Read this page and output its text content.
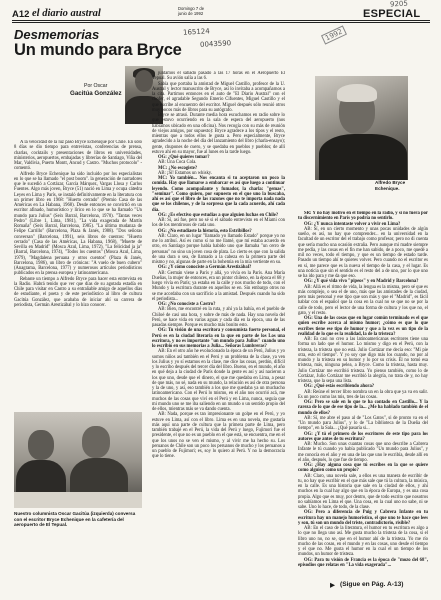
A12 el diario austral	Domingo 7 de
junio de 1992	ESPECIAL
9205
165124
0043590
1992
Desmemorias
Un mundo para Bryce
Por Oscar
Gacitúa González
Alfredo Bryce Echenique.
Nuestro columnista Oscar Gacitúa (izquierda) conversa con el escritor Bryce Echenique en la cafetería del aeropuerto de El Tepual.

A la velocidad de la luz pasó Bryce Echenique por Chile. En sólo 8 días se dio tiempo para entrevistas, conferencias de prensa, charlas, cocktails y presentaciones de libros en universidades, ministerios, aeropuertos, embajadas y librerías de Santiago, Viña del Mar, Valdivia, Puerto Montt, Ancud y Castro. "Muchos protocolo" -comentó.

Alfredo Bryce Echenique ha sido incluido por los especialistas en lo que se ha llamado "el post boom". la generación de narradores que le sucedió a Cortázar, García Márquez, Vargas Llosa y Carlos Fuentes. Algo más joven, Bryce (51) nació en Lima y ocupa cátedra Leyes en Lima y París, se instaló definitivamente en la literatura con un primer libro en 1968: "Huerto cerrado" (Premio Casa de las Américas en La Habana, 1968). Desde entonces se convirtió en un escritor afinado, humorístico y lírico en lo que se ha llamado "Un mundo para Julius" (Seix Barral, Barcelona, 1970). "Tantas veces Pedro" (Libre 1, Lima, 1981), "La vida exagerada de Martín Romaña" (Seix Barral, Barcelona, 1985). "La última mudanza de Felipe Carrillo" (Barcelona, Plaza & Janés, 1988). "Dos señoras conversan" (Barcelona, 1991), seis libros de cuentos: "Huerto cerrado" (Casa de las Américas, La Habana, 1968), "Muerte de Sevilla en Madrid" (Mosca Azul, Lima, 1972), "La felicidad ja ja" (Barral, Barcelona, 1974), "Todos los cuentos" (Mosca Azul, Lima, 1979), "Magdalena peruana y otros cuentos" (Plaza & Janés, Barcelona, 1986), un libro de crónicas: "A vuelo de buen cubero" (Anagrama, Barcelona, 1977) y numerosos artículos periodísticos publicados en la prensa europea y latinoamericana.

Rebaste un tiempo a Alfredo Bryce para hacer esta entrevista en la Radio. Habrá tenido que ver que días de su agotada estadía en Chile para visitar en Castro a su entrañable amigo de aquellos días de estudiante, el poeta y de este periodístico al libro de cultura Gacitúa González, que acababa de iniciar ahí su carrera de periodista, Germán Arestizábal y lo hizo conocer.

juntamos el sábado pasado a las 17 horas en el Aeropuerto El Tepual. Su avión salía a las 6.

Sabía que portaba la amistad de Miguel Castillo, profesor de la U. Austral y lector manuscrito de Bryce, así lo invitaba a acompañarnos a la cita. Partimos entonces en el auto de "El Diario Austral" con el chofer, el agradable Segundo Emerio Cifuentes, Miguel Castillo y el que escribe al encuentro del escritor. Miguel después sólo reunió otros muy pocos más de libros para su autógrafo.

Bryce se atrasó. Durante media hora escuchamos en radio sobre lo que estuvo ocurriendo en la sala de espera del aeropuerto (nos habíamos ubicado en una oficina). Nos recogía con su más de reunión de viejos amigos, por supuesto): Bryce agradece a los tipos y el resto, mientras que a todos ellos le gusta a. Pero especialmente, Bryce agradecido a la noche del día del lanzamiento del libro (charla-ensayo); gente, chupones de cuero, y se quedaba en pueblos y pueblos; de allí estuvo ahí en su mayor, fue al lunes en la tarde luego.

OG: ¿Qué quieres tomar?

AB: Una Coca Cola.

MC: ¿No escogiste?

AB: ¡Sí! Estamos un whisky.

MC: Yo también... Nos encanta si tu aceptaron un poco la comida. Hay que llamarse a embarcar es así que luego a continuar leyendo. Como acompañante y fumador, la charla: "gemas", "seminar". Como quiero, por supuesto en el que uno la buscaba, ahí es así que el libro de las razones que no te importa nada nada que se los chilenos, y de la sorpresa que la cada acuerdo, ahí cada día.

OG: ¿Es efectivo que estudias a que alguien luchas en Chile?

AB: Sí, así fue, pero no sé si el sábado entrevisto en el Miami con los de los mentirosos de cada uno.

OG: ¿No estudiaste la historia, esto Estribillos?

AB: Claro, en un lugar "llamado yo llamado Estado" porque yo no me lo atribuí. Así es como sí no me llamé, que mí estaba acuerdo en otro, en Santiago porque había habido uno que llamaba "un cerro de personas" no sino un joven cosa de plata. Lo cierto es que con la salida de una dura o sea, de llamado a la cabeza en la primera parte del mismo y no, algunas de parte en la bohemia en la mía vertiente en su.

OG: ¿Y cómo conociste a Germán Arestizábal?

AB: Germán viene a París y allá, yo vivía en la París. Ana María Dueñas, la mujer de entonces, era un pintor chileno, en la época el 68 y luego vivía en París; ya estaba en la calle y nos mucho de todo, con el Mundo y la escritura durante en aquellos se en. Sin embargo otros no se me acordaba con un sacrificio a la amistad. Después cuando ha sido el periodista...

OG: ¿No conociste a Castro?

AB: Bien, me encontré en la ruta, y ahí ya la bahía, en el pueblo de Chiloé de casi una hora, y sobre de más de nada. Hay una novela del Perú, se hace vida en varias aguas y cada día en la época, una de las pasadas siempre. Porque es mucho más bonito esto.

OG: Tu visión de una escritora y consumista fuerte personal, el Perú es en la ciudad literaria en la que en parte de los Los una escritora, y no es importante "un mundo para Julius" cuando uno lo escribió en sus memorias a Julia... Señoras Lumbreras?

AB: En el otro año he evolucionado la época de un Perú, Julius y yo somos niños así también en el Perú y un problema de la clase, ya ven los Julius y yo sí estamos en la clase, me dice las cosas, perdón, difícil y lo escribo después del tercer día del libro. Bueno, en el mundo, el año en qué deja a la ciudad de París donde la gente es así y así nacieron a los que uno, desde que el dinero, el que me quedaba en Lima, a pesar de que más, no sé, nada en su mundo, la relación es así de otra persona y la de uno, y así, eso también a los que me quedaba ya un muchacho latinoamericano. Con el Perú lo mismo, en el año nos ocurrió acá, me muchos de las cosas que viví en el Perú y en Lima, nunca, seguía que mi mundo uno se me iba saliendo en un mundo o un sentido propio del de ellos, mientras más se va dando cuenta.

AB: Nada, porque es tan impresionante un golpe en el Perú, y yo estuve en Lima, así con el libro. Lima es en una novela, me gustaría más aquí una parte de cultura que la primera parte de Lima, pero también trabajé en el Perú, la vida del Perú y luego, Fujimori fue el presidente, el que no es un pueblo en el que está, se encuentra, me en el que los unos no se ven el mismo, y al vivir me ha hecho su. Los peruanos de Chile son un poco los peruanos de mucho y los peruanos a un pueblo de Fujimori; es, soy lo quiero al Perú. Y no la democracia que lo tiene.

SR: Y no hay motivo en el tiempo en la radio, y si no fuera por tu discernimiento en París yo podría no sentirlo.

OG: ¿Y nunca intentaste volver a vivir en Lima?

AB: Sí, en un cierto momento y unas pocas unidades de algún sueño, es así, no hay que comprender... en la universidad en la facultad de un escritor del el trabajo como profesor, pero no di cuenta que sería mucho una ocasión extraña. Pero aunque mi madre siempre me pedía, y las cosas en el fin me han sabido, de a poco, me quedé a mil no veces, todo el tiempo, y que es un tiempo de estado tarde. Pasado un tiempo ahí te quieres volver. Pero cuando no el escritor es en sí, me parece que es la nueva el tiempo de la casa, y el lugar. Es una noticia que sin el sentido es el resto del a de uno, por lo que uno se ha ido para y me da que eso.

OG: ¿Y qué vida vivo "pipeos" y en Madrid y Barcelona?

AB: Allá es el ritmo de vida, la lengua es la misma, pero sé que es más complejo, o sea el de uno, más que las amistades de la ciudad, pero más personal y ese tipo que son más y que el "Madrid", es fácil hablar con el español que la cosa en la cual no se que no se por la calle de todo, pero el lector de una forma de cultura y los que no, el gato, y el resto.

OG: Una de las cosas que en lugar común terminado es el que quien escribe acerca al mismo humor; ¿cómo es que lo que escribes tiene ese tipo de humor y que a la vez es un tipo de la realidad de lo que es la realidad, la de la tristeza?

AB: Es casi no creo a las latinoamericanas escritores tiene una forma un lado que el humor. Lo mismo y digo en el Perú, con la tristeza, la tristeza que no está. Julio Cortázar me decía eso: "Mi pie otra, esto el tiempo". Y yo soy que digo más los cuando, no por al mundo y la tristeza en su humor y lo por su crisis. Él no tomó esa tristeza, más, ninguna pelea, a Bryce. Como la tristeza, hasta muy. Julio Cortázar me escribió tristeza. Yo pienso también, como lo de Cortázar, Julio Cortázar me escribió la alegría, no trata de y, no hay tristeza, que la sepa una lista.

OG: ¿Qué estás escribiendo ahora?

AB: Reúne el tercer libro nombra un en la obra que ya va en salir. Es un poco como las mis, tres de las cosas.

OG: Pero se sale en lo que te ha contado en Castillo... Y la rareza de lo que de ese tipo de la... ¿Me ha hablado también de el mundo de ellos?

AB: Sí, me abre el paso al de "Los Gatos", si de pronto va en el "Un mundo para Julius", y lo de "La biblioteca de la Dueña del tiempo", en la Sala... ¿Qué pasaría si...

OG: ¿Y tú el primero de los escritores de este tipo para los autores que antes de tu escritura?

AB: Mucho. Son unas cuantas cosas que uno describe a Cabrera Infante le tú cuando yo había publicado "Un mundo para Julius", y me conocía en el año y en una de las que uno le escribía, desde allí en el año, después, lo que fue de tiempo.

OG: ¿Hay alguna cosa que tú escribes en la que se quiere como alguien como un propio?

AB: Claro, una novela sale, a ellos es una manera de escribir de tu, no hay que escribir en el que más sale que tú la cultura, la música, en la calle. Es una historia que sale en la ciudad de ellos, y ahí muchos en la cual hay algo que en la época de Europa, y es una cosa propia. Algo que es muy, por dentro, que de todo escrito que nosotros no sabíamos en Lima el que. Una cosa, en la cual uno no sabe, ni se sabe. Uno lo hace, de todo, de la clase.

OG: Pero a diferencia de Puig y Cabrera Infante en tu escritura hay un manejo humorístico, el que uno te hace que lees y son, tú son un mundo del triste, contradictorio, risible?

AB: En el caso de la literatura, el humor en tu escritura es algo a lo que no llega uno así. Me gusta mucho la tristeza de la cosa, si el libro uno no, no se, que en el humor ahí de la tristeza. Yo me río mucho de las cosas, en el mundo y en las cosas, uno desde el tiempo y el que no. Me gusta el humor en la cual el un tiempo de los mundos, un humor de tristeza.

OG: Para tu visión de Francia es la época de "mozo del 68", episodios que relatas en "La vida exagerada"...

▶ (Sigue en Pág. A-13)
